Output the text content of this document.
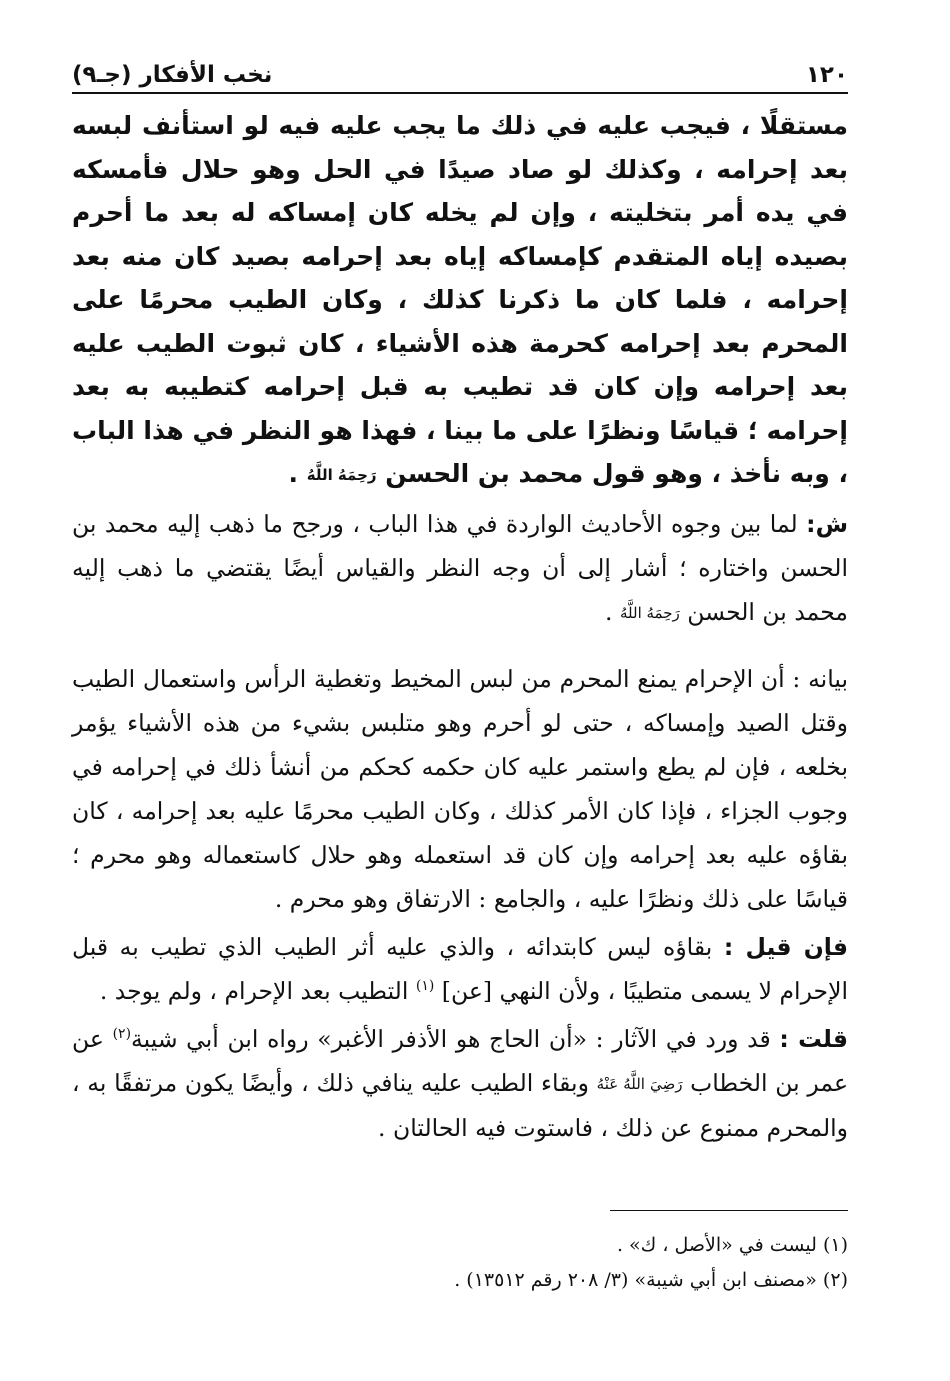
١٢٠
نخب الأفكار (جـ٩)
مستقلًا ، فيجب عليه في ذلك ما يجب عليه فيه لو استأنف لبسه بعد إحرامه ، وكذلك لو صاد صيدًا في الحل وهو حلال فأمسكه في يده أمر بتخليته ، وإن لم يخله كان إمساكه له بعد ما أحرم بصيده إياه المتقدم كإمساكه إياه بعد إحرامه بصيد كان منه بعد إحرامه ، فلما كان ما ذكرنا كذلك ، وكان الطيب محرمًا على المحرم بعد إحرامه كحرمة هذه الأشياء ، كان ثبوت الطيب عليه بعد إحرامه وإن كان قد تطيب به قبل إحرامه كتطيبه به بعد إحرامه ؛ قياسًا ونظرًا على ما بينا ، فهذا هو النظر في هذا الباب ، وبه نأخذ ، وهو قول محمد بن الحسن رَحِمَهُ اللَّهُ .

ش: لما بين وجوه الأحاديث الواردة في هذا الباب ، ورجح ما ذهب إليه محمد بن الحسن واختاره ؛ أشار إلى أن وجه النظر والقياس أيضًا يقتضي ما ذهب إليه محمد بن الحسن رَحِمَهُ اللَّهُ .

بيانه : أن الإحرام يمنع المحرم من لبس المخيط وتغطية الرأس واستعمال الطيب وقتل الصيد وإمساكه ، حتى لو أحرم وهو متلبس بشيء من هذه الأشياء يؤمر بخلعه ، فإن لم يطع واستمر عليه كان حكمه كحكم من أنشأ ذلك في إحرامه في وجوب الجزاء ، فإذا كان الأمر كذلك ، وكان الطيب محرمًا عليه بعد إحرامه ، كان بقاؤه عليه بعد إحرامه وإن كان قد استعمله وهو حلال كاستعماله وهو محرم ؛ قياسًا على ذلك ونظرًا عليه ، والجامع : الارتفاق وهو محرم .

فإن قيل : بقاؤه ليس كابتدائه ، والذي عليه أثر الطيب الذي تطيب به قبل الإحرام لا يسمى متطيبًا ، ولأن النهي [عن] $^{(١)}$ التطيب بعد الإحرام ، ولم يوجد .

قلت : قد ورد في الآثار : «أن الحاج هو الأذفر الأغبر» رواه ابن أبي شيبة$^{(٢)}$ عن عمر بن الخطاب رَضِيَ اللَّهُ عَنْهُ وبقاء الطيب عليه ينافي ذلك ، وأيضًا يكون مرتفقًا به ، والمحرم ممنوع عن ذلك ، فاستوت فيه الحالتان .

(١) ليست في «الأصل ، ك» .

(٢) «مصنف ابن أبي شيبة» (٣/ ٢٠٨ رقم ١٣٥١٢) .
